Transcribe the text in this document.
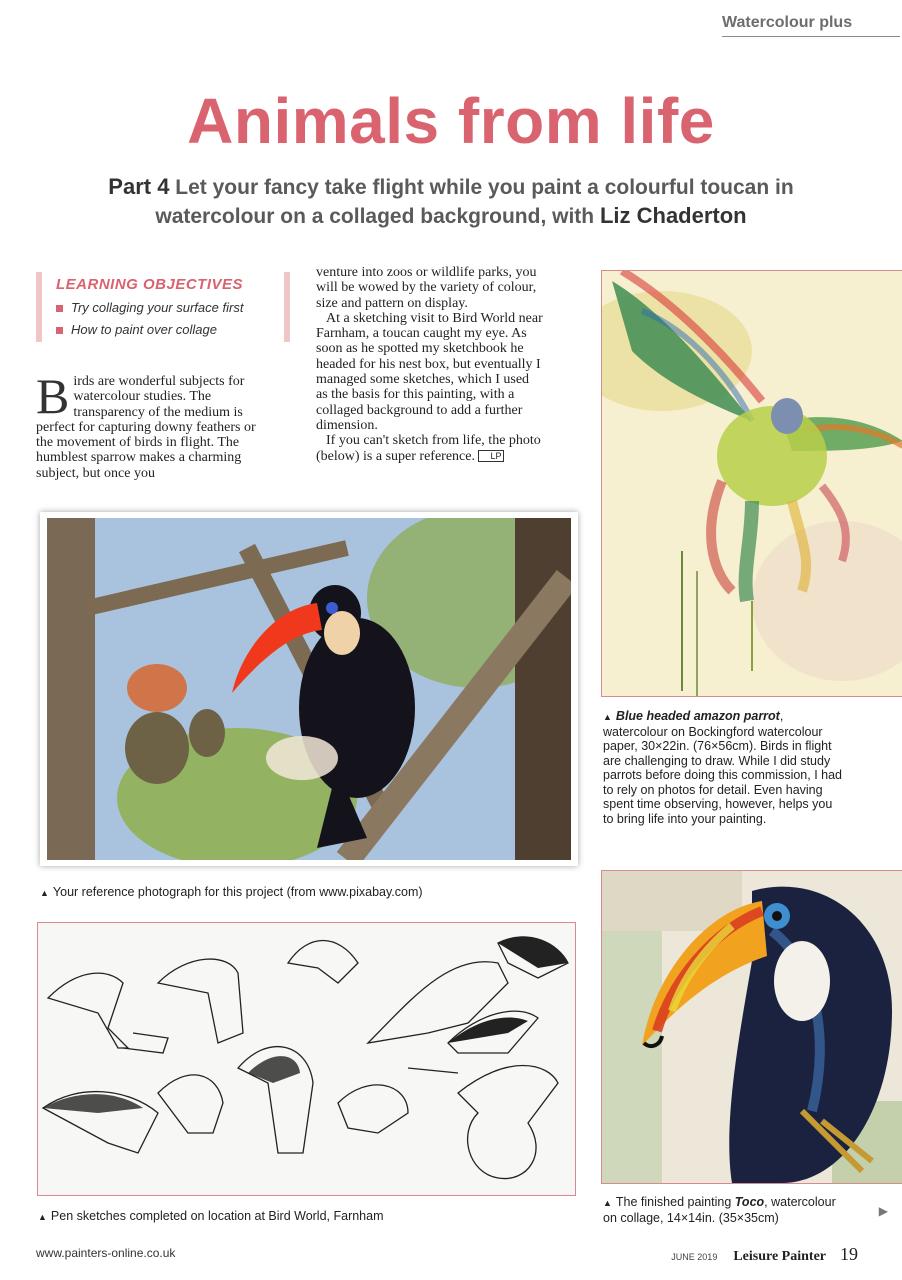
Watercolour plus
Animals from life
Part 4 Let your fancy take flight while you paint a colourful toucan in watercolour on a collaged background, with Liz Chaderton
LEARNING OBJECTIVES
Try collaging your surface first
How to paint over collage
Birds are wonderful subjects for watercolour studies. The transparency of the medium is perfect for capturing downy feathers or the movement of birds in flight. The humblest sparrow makes a charming subject, but once you

venture into zoos or wildlife parks, you will be wowed by the variety of colour, size and pattern on display.

At a sketching visit to Bird World near Farnham, a toucan caught my eye. As soon as he spotted my sketchbook he headed for his nest box, but eventually I managed some sketches, which I used as the basis for this painting, with a collaged background to add a further dimension.

If you can't sketch from life, the photo (below) is a super reference. LP

▲ Blue headed amazon parrot, watercolour on Bockingford watercolour paper, 30×22in. (76×56cm). Birds in flight are challenging to draw. While I did study parrots before doing this commission, I had to rely on photos for detail. Even having spent time observing, however, helps you to bring life into your painting.
▲ Your reference photograph for this project (from www.pixabay.com)
▲ Pen sketches completed on location at Bird World, Farnham
▲ The finished painting Toco, watercolour on collage, 14×14in. (35×35cm)	▶
www.painters-online.co.uk	JUNE 2019 Leisure Painter 19
